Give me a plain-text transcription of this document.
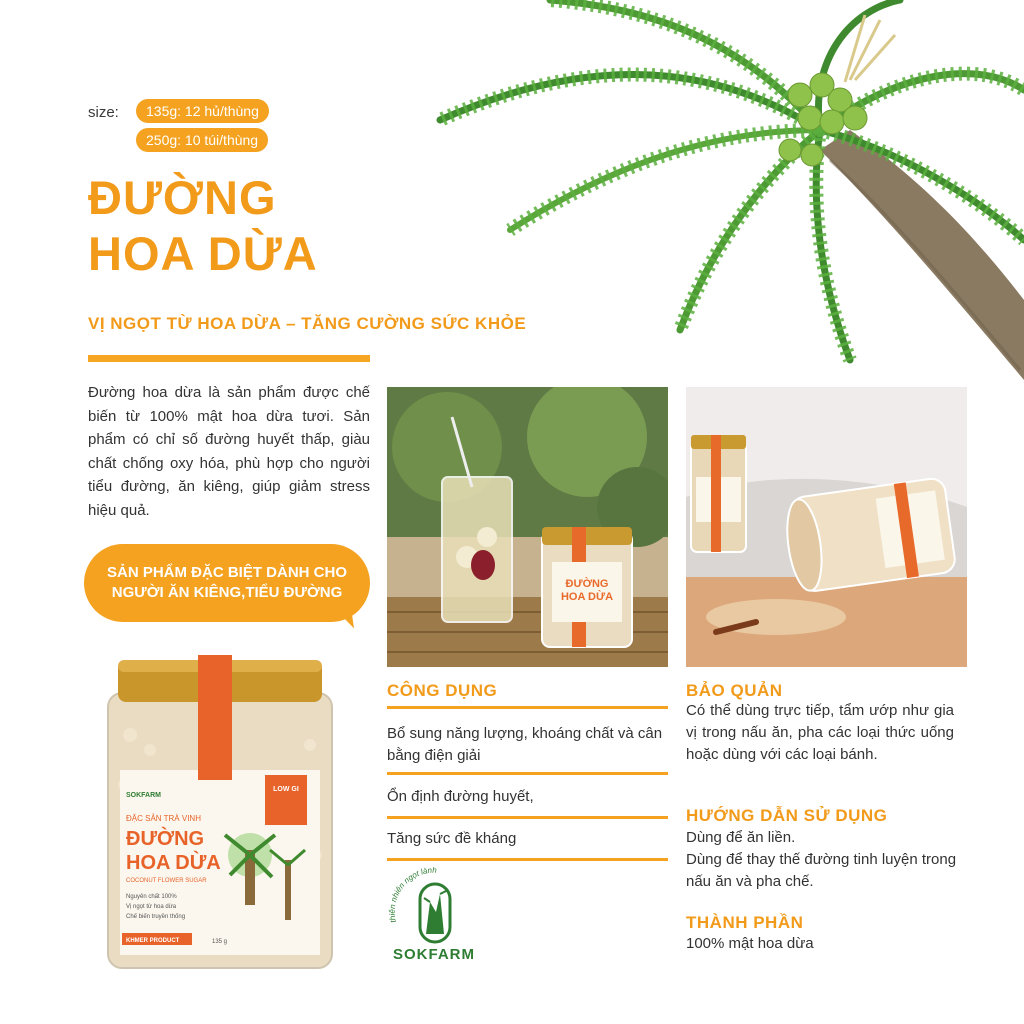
size:	135g: 12 hủ/thùng
250g: 10 túi/thùng
ĐƯỜNG
HOA DỪA
VỊ NGỌT TỪ HOA DỪA – TĂNG CƯỜNG SỨC KHỎE
Đường hoa dừa là sản phẩm được chế biến từ 100% mật hoa dừa tươi. Sản phẩm có chỉ số đường huyết thấp, giàu chất chống oxy hóa, phù hợp cho người tiểu đường, ăn kiêng, giúp giảm stress hiệu quả.
SẢN PHẨM ĐẶC BIỆT DÀNH CHO
NGƯỜI ĂN KIÊNG,TIỂU ĐƯỜNG	ĐƯỜNG
HOA DỪA
SOKFARM
ĐẶC SẢN TRÀ VINH
ĐƯỜNG
HOA DỪA
COCONUT FLOWER SUGAR
LOW GI
Nguyên chất 100%
Vị ngọt từ hoa dừa
Chế biến truyền thống
KHMER PRODUCT	135 g
CÔNG DỤNG
Bổ sung năng lượng, khoáng chất và cân bằng điện giải
Ổn định đường huyết,
Tăng sức đề kháng
BẢO QUẢN
Có thể dùng trực tiếp, tẩm ướp như gia vị trong nấu ăn, pha các loại thức uống hoặc dùng với các loại bánh.
HƯỚNG DẪN SỬ DỤNG
Dùng để ăn liền.
Dùng để thay thế đường tinh luyện trong nấu ăn và pha chế.
THÀNH PHẦN
100% mật hoa dừa
thiên nhiên ngọt lành
SOKFARM
